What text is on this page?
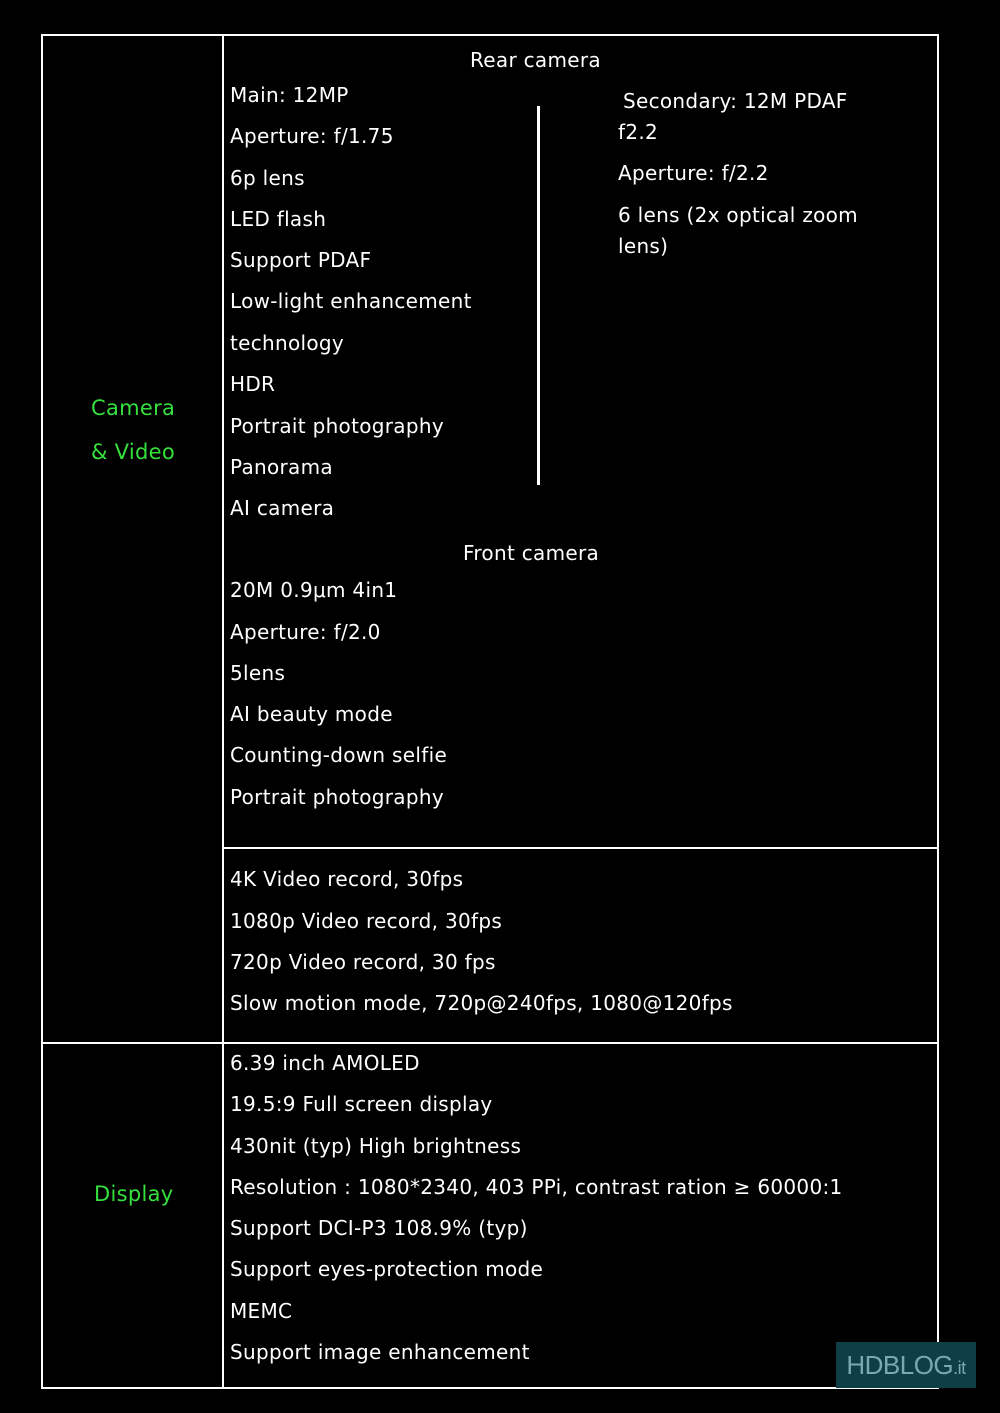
Camera
& Video
Display
Rear camera
Main: 12MP
Aperture: f/1.75
6p lens
LED flash
Support PDAF
Low-light enhancement
technology
HDR
Portrait photography
Panorama
AI camera
Secondary: 12M PDAF
f2.2
Aperture: f/2.2
6 lens (2x optical zoom
lens)
Front camera
20M 0.9μm 4in1
Aperture: f/2.0
5lens
AI beauty mode
Counting-down selfie
Portrait photography
4K Video record, 30fps
1080p Video record, 30fps
720p Video record, 30 fps
Slow motion mode, 720p@240fps, 1080@120fps
6.39 inch AMOLED
19.5:9 Full screen display
430nit (typ) High brightness
Resolution : 1080*2340, 403 PPi, contrast ration ≥ 60000:1
Support DCI-P3 108.9% (typ)
Support eyes-protection mode
MEMC
Support image enhancement	HDBLOG.it
